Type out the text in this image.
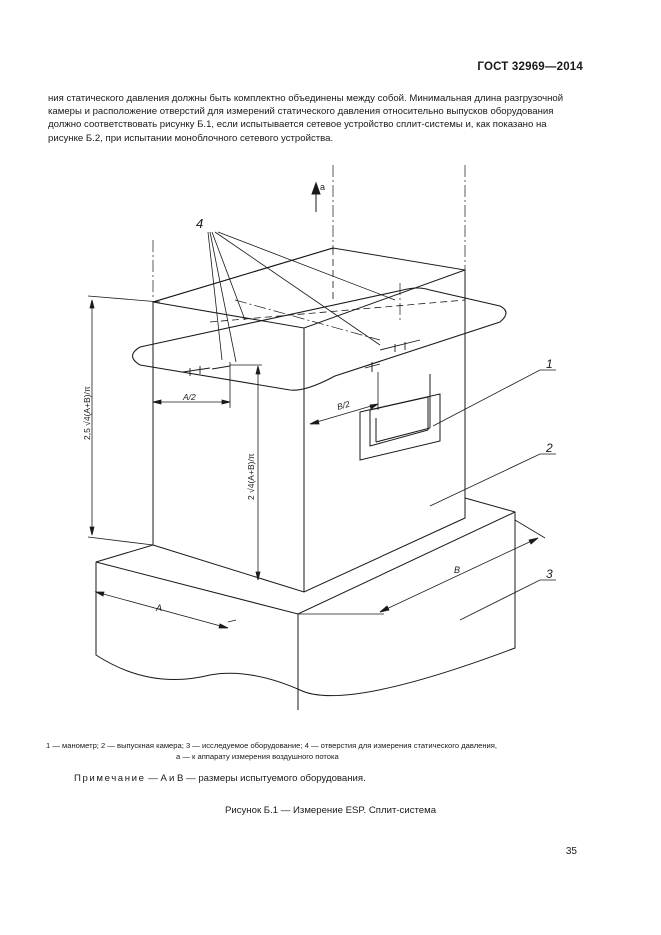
ГОСТ 32969—2014
ния статического давления должны быть комплектно объединены между собой. Минимальная длина разгрузочной
камеры и расположение отверстий для измерений статического давления относительно выпусков оборудования
должно соответствовать рисунку Б.1, если испытывается сетевое устройство сплит-системы и, как показано на
рисунке Б.2, при испытании моноблочного сетевого устройства.
a
4
2,5 √4(A+B)/π
2 √4(A+B)/π
A/2
B/2
A
B
1
2
3
1 — манометр; 2 — выпускная камера; 3 — исследуемое оборудование; 4 — отверстия для измерения статического давления,
a — к аппарату измерения воздушного потока
Примечание — A и B — размеры испытуемого оборудования.
Рисунок Б.1 — Измерение ESP. Сплит-система
35
